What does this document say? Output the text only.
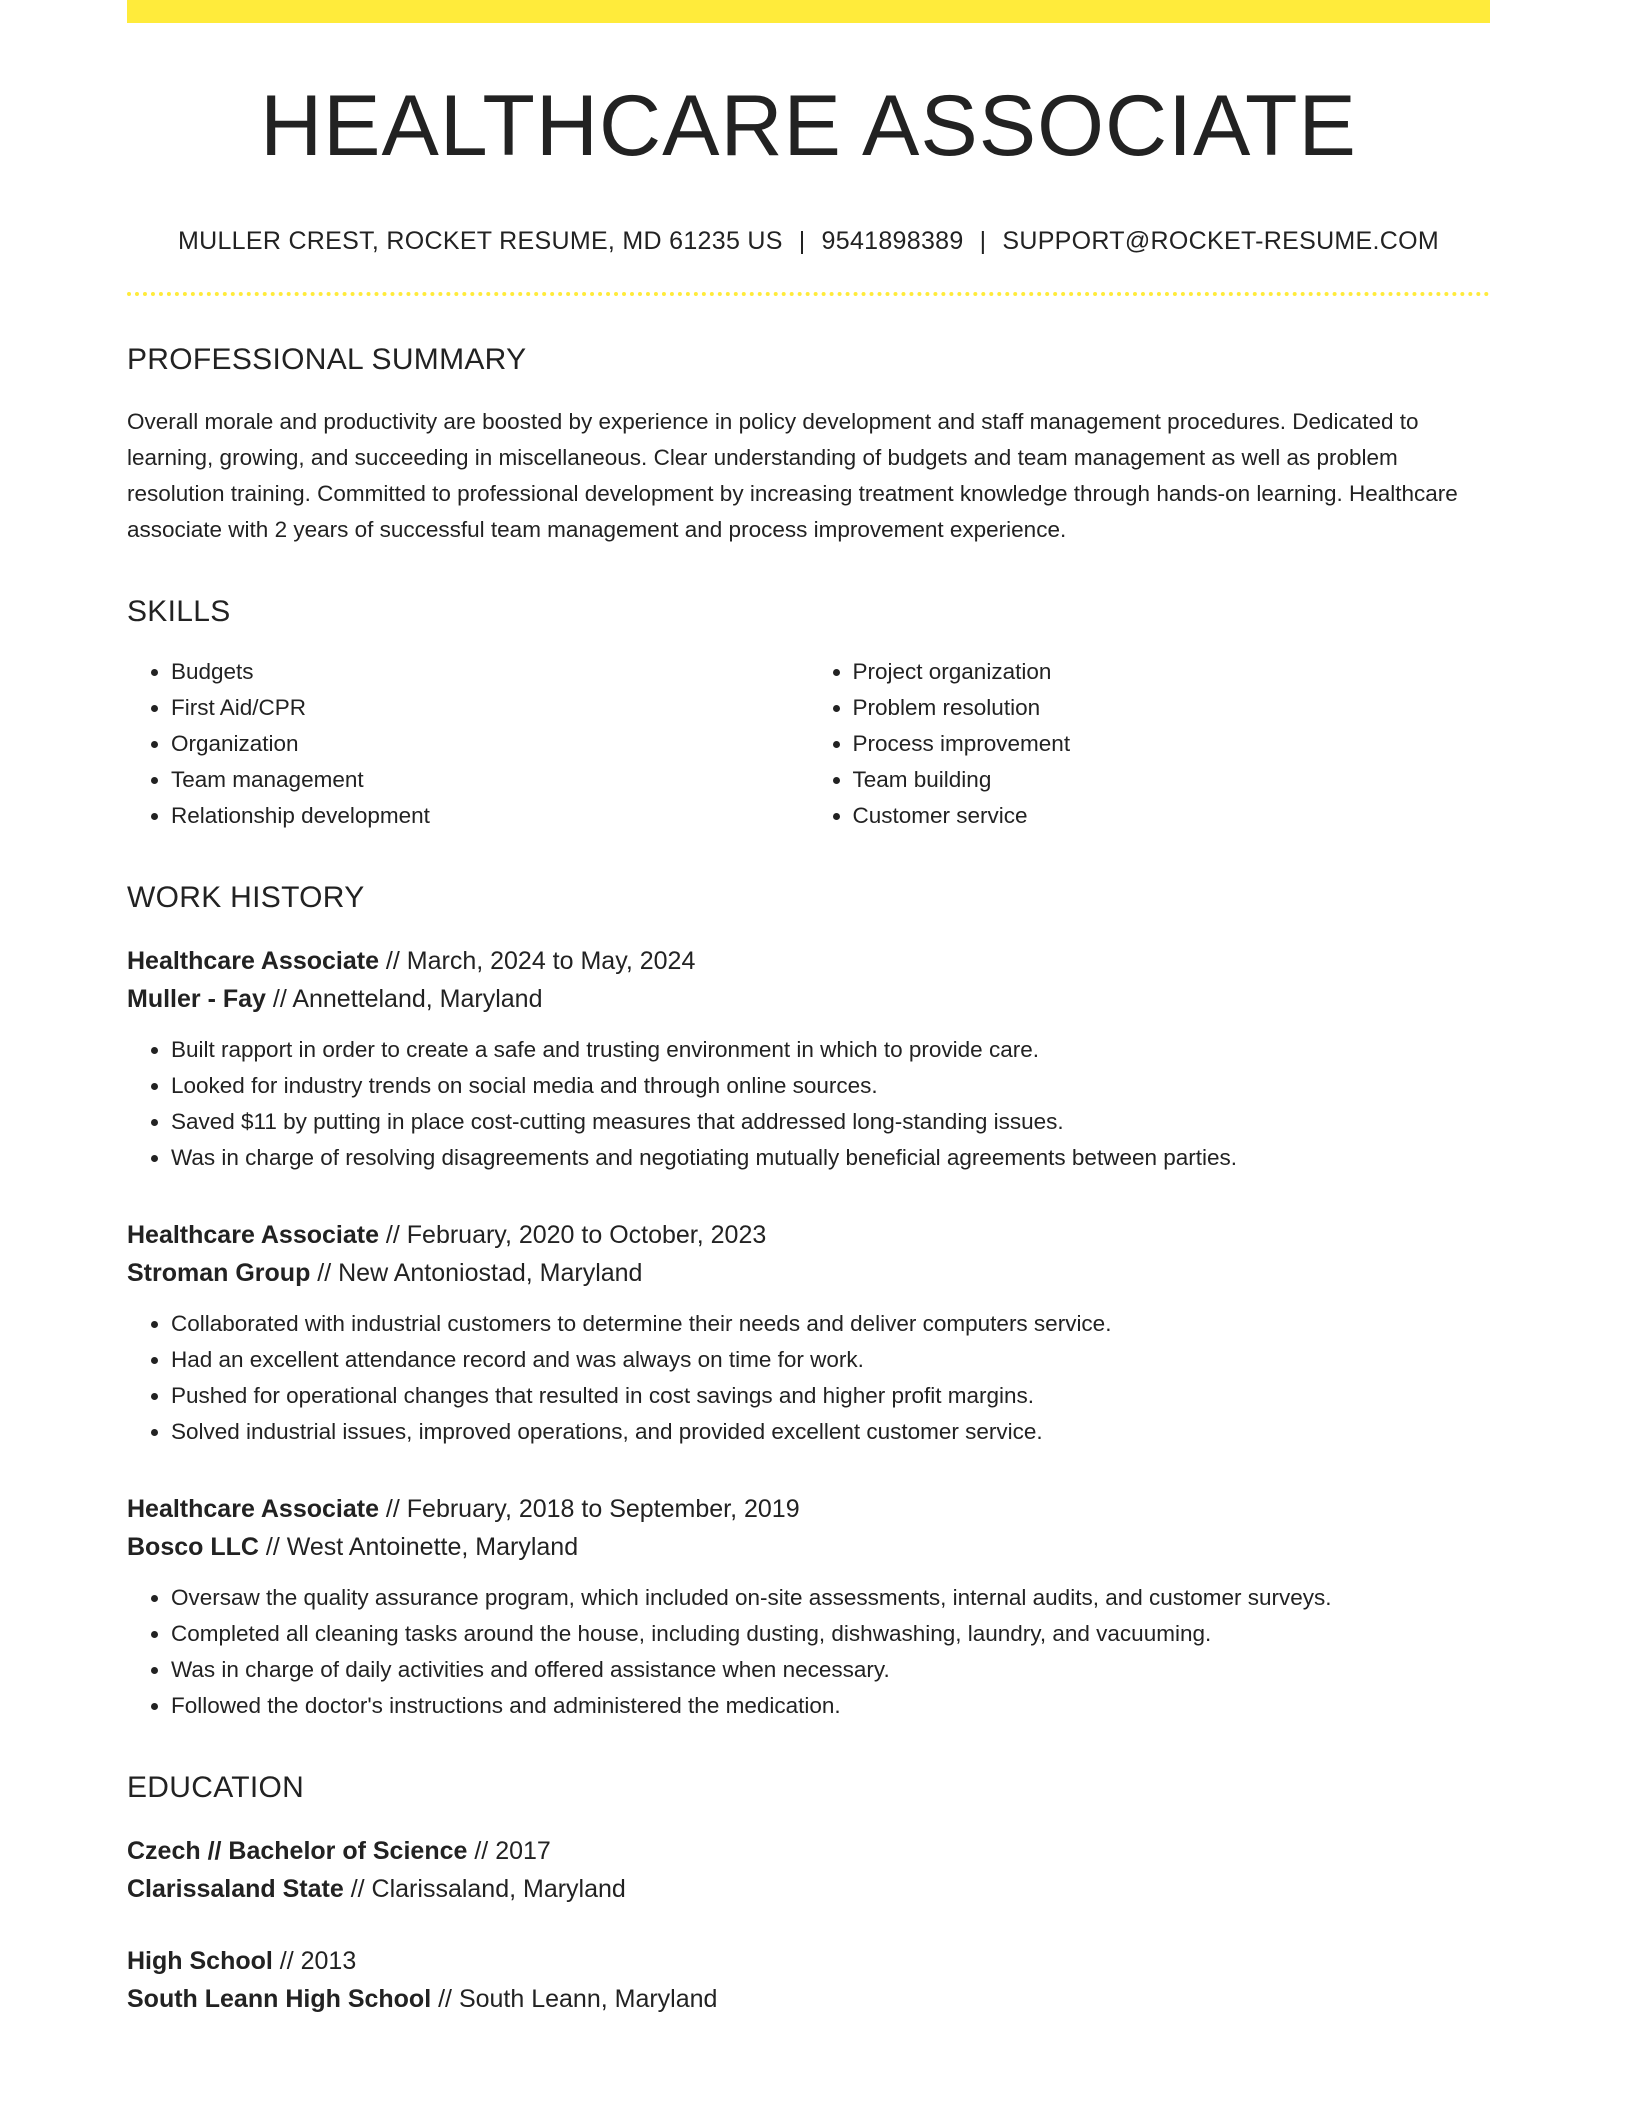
HEALTHCARE ASSOCIATE
MULLER CREST, ROCKET RESUME, MD 61235 US | 9541898389 | SUPPORT@ROCKET-RESUME.COM
PROFESSIONAL SUMMARY

Overall morale and productivity are boosted by experience in policy development and staff management procedures. Dedicated to learning, growing, and succeeding in miscellaneous. Clear understanding of budgets and team management as well as problem resolution training. Committed to professional development by increasing treatment knowledge through hands-on learning. Healthcare associate with 2 years of successful team management and process improvement experience.

SKILLS
• Budgets
• First Aid/CPR
• Organization
• Team management
• Relationship development
• Project organization
• Problem resolution
• Process improvement
• Team building
• Customer service
WORK HISTORY
Healthcare Associate // March, 2024 to May, 2024
Muller - Fay // Annetteland, Maryland
• Built rapport in order to create a safe and trusting environment in which to provide care.
• Looked for industry trends on social media and through online sources.
• Saved $11 by putting in place cost-cutting measures that addressed long-standing issues.
• Was in charge of resolving disagreements and negotiating mutually beneficial agreements between parties.
Healthcare Associate // February, 2020 to October, 2023
Stroman Group // New Antoniostad, Maryland
• Collaborated with industrial customers to determine their needs and deliver computers service.
• Had an excellent attendance record and was always on time for work.
• Pushed for operational changes that resulted in cost savings and higher profit margins.
• Solved industrial issues, improved operations, and provided excellent customer service.
Healthcare Associate // February, 2018 to September, 2019
Bosco LLC // West Antoinette, Maryland
• Oversaw the quality assurance program, which included on-site assessments, internal audits, and customer surveys.
• Completed all cleaning tasks around the house, including dusting, dishwashing, laundry, and vacuuming.
• Was in charge of daily activities and offered assistance when necessary.
• Followed the doctor's instructions and administered the medication.
EDUCATION
Czech // Bachelor of Science // 2017
Clarissaland State // Clarissaland, Maryland
High School // 2013
South Leann High School // South Leann, Maryland
